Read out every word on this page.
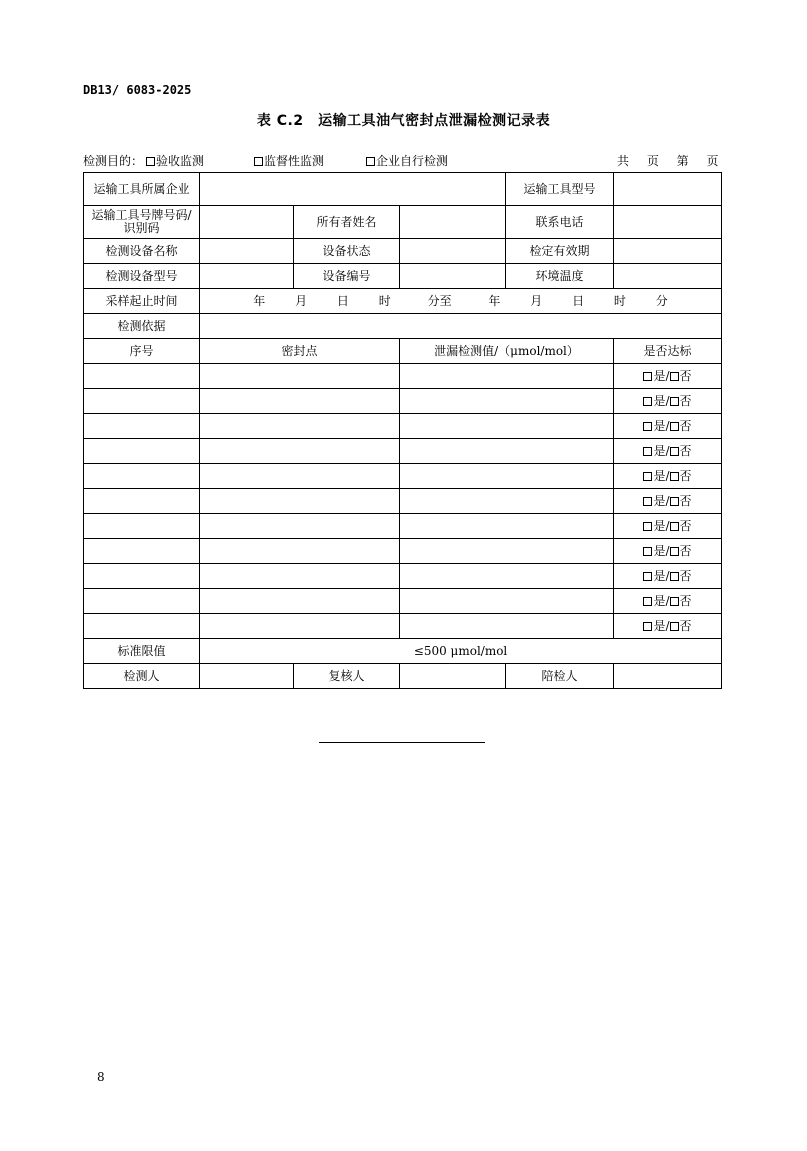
DB13/ 6083-2025
表 C.2　运输工具油气密封点泄漏检测记录表
检测目的：	验收监测	监督性监测	企业自行检测	共 页 第 页
运输工具所属企业				运输工具型号	
运输工具号牌号码/识别码		所有者姓名		联系电话	
检测设备名称		设备状态		检定有效期	
检测设备型号		设备编号		环境温度	
采样起止时间	年 月 日 时 分至 年 月 日 时 分				
检测依据					
序号	密封点		泄漏检测值/（μmol/mol）		是否达标
					是/ 否
					是/ 否
					是/ 否
					是/ 否
					是/ 否
					是/ 否
					是/ 否
					是/ 否
					是/ 否
					是/ 否
					是/ 否
标准限值	≤500 μmol/mol				
检测人		复核人		陪检人	
8
